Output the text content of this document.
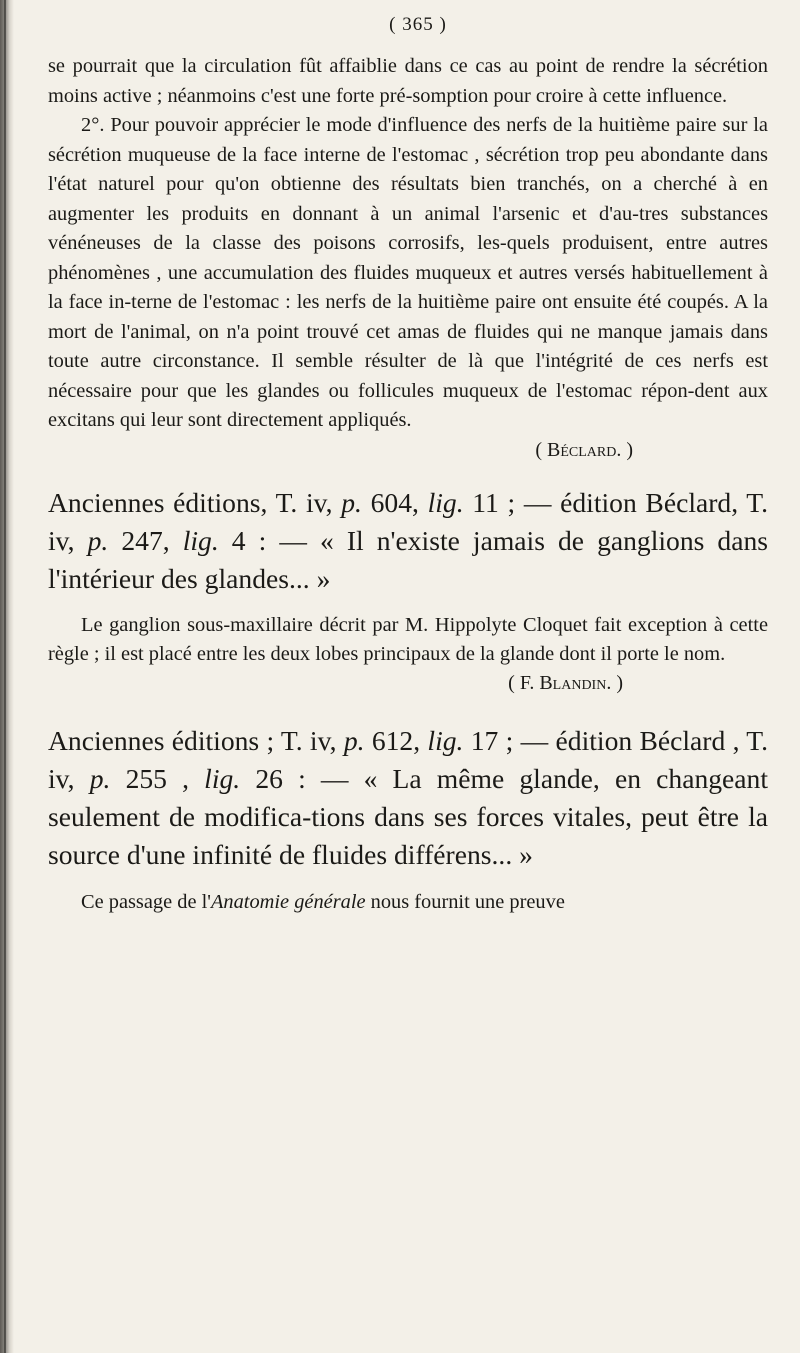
( 365 )

se pourrait que la circulation fût affaiblie dans ce cas au point de rendre la sécrétion moins active ; néanmoins c'est une forte pré-somption pour croire à cette influence.

2°. Pour pouvoir apprécier le mode d'influence des nerfs de la huitième paire sur la sécrétion muqueuse de la face interne de l'estomac , sécrétion trop peu abondante dans l'état naturel pour qu'on obtienne des résultats bien tranchés, on a cherché à en augmenter les produits en donnant à un animal l'arsenic et d'au-tres substances vénéneuses de la classe des poisons corrosifs, les-quels produisent, entre autres phénomènes , une accumulation des fluides muqueux et autres versés habituellement à la face in-terne de l'estomac : les nerfs de la huitième paire ont ensuite été coupés. A la mort de l'animal, on n'a point trouvé cet amas de fluides qui ne manque jamais dans toute autre circonstance. Il semble résulter de là que l'intégrité de ces nerfs est nécessaire pour que les glandes ou follicules muqueux de l'estomac répon-dent aux excitans qui leur sont directement appliqués.

( Béclard. )

Anciennes éditions, T. iv, p. 604, lig. 11 ; — édition Béclard, T. iv, p. 247, lig. 4 : — « Il n'existe jamais de ganglions dans l'intérieur des glandes... »

Le ganglion sous-maxillaire décrit par M. Hippolyte Cloquet fait exception à cette règle ; il est placé entre les deux lobes principaux de la glande dont il porte le nom.

( F. Blandin. )

Anciennes éditions ; T. iv, p. 612, lig. 17 ; — édition Béclard , T. iv, p. 255 , lig. 26 : — « La même glande, en changeant seulement de modifica-tions dans ses forces vitales, peut être la source d'une infinité de fluides différens... »

Ce passage de l'Anatomie générale nous fournit une preuve
